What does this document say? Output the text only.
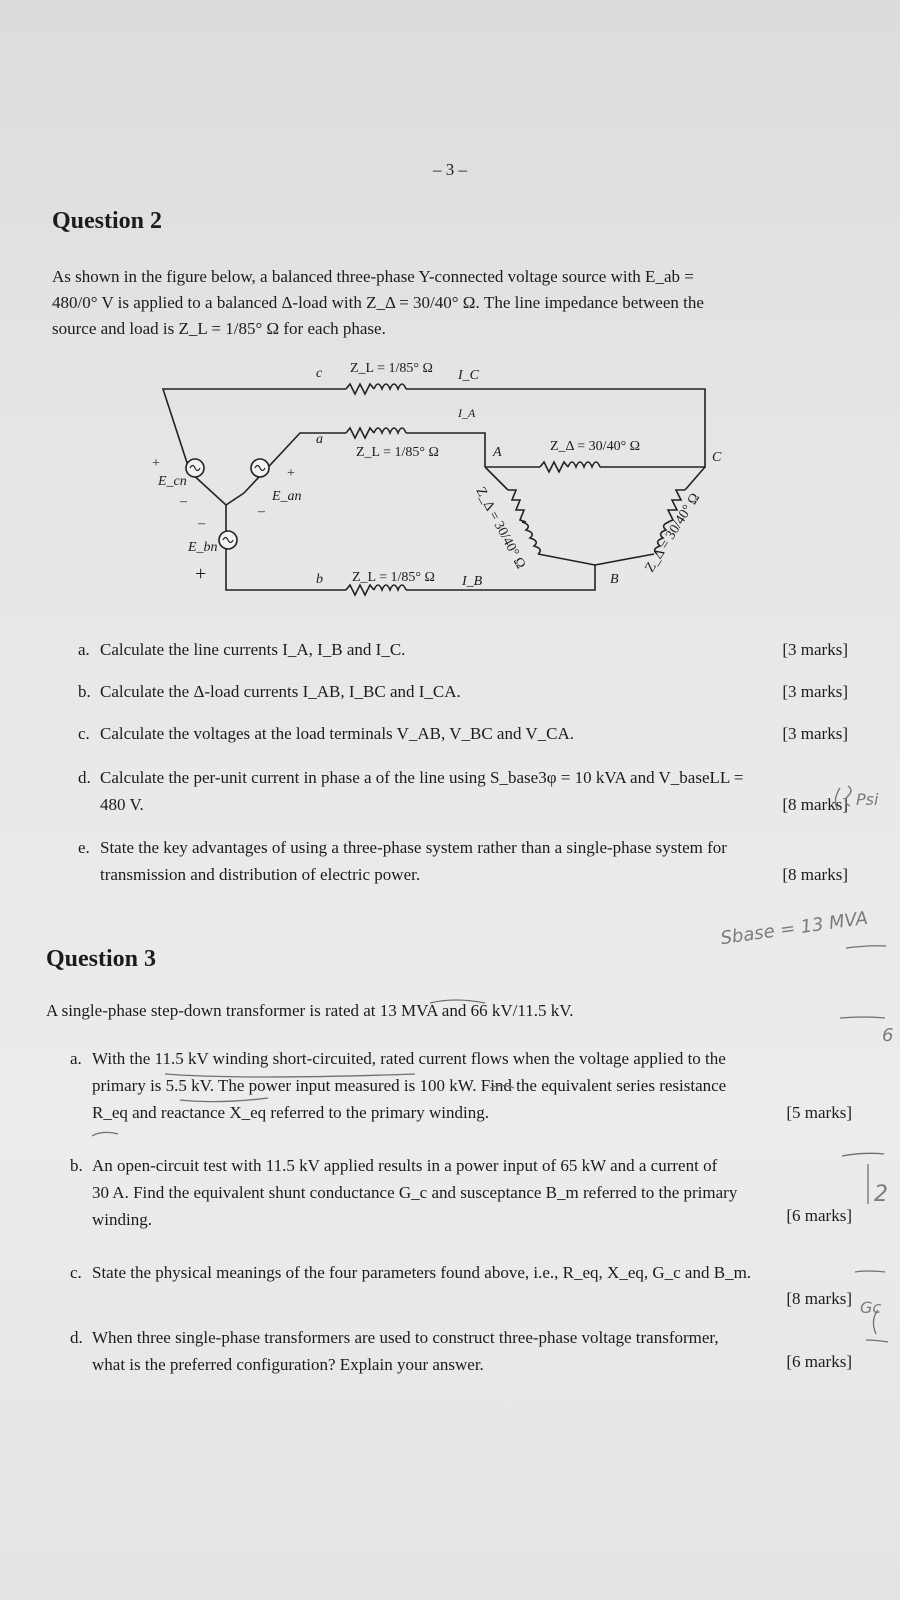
– 3 –
Question 2
As shown in the figure below, a balanced three-phase Y-connected voltage source with E_ab =
480/0° V is applied to a balanced Δ-load with Z_Δ = 30/40° Ω. The line impedance between the
source and load is Z_L = 1/85° Ω for each phase.
c Z_L = 1/85° Ω I_C
I_A
a
Z_L = 1/85° Ω	A	Z_Δ = 30/40° Ω
C
+
E_cn
–
+
E_an
–
–
E_bn
+	b Z_L = 1/85° Ω I_B	B
Z_Δ = 30/40° Ω	Z_Δ = 30/40° Ω
a. Calculate the line currents I_A, I_B and I_C.	[3 marks]
b. Calculate the Δ-load currents I_AB, I_BC and I_CA.	[3 marks]
c. Calculate the voltages at the load terminals V_AB, V_BC and V_CA.	[3 marks]
d. Calculate the per-unit current in phase a of the line using S_base3φ = 10 kVA and V_baseLL =
480 V.	[8 marks]
e. State the key advantages of using a three-phase system rather than a single-phase system for
transmission and distribution of electric power.	[8 marks]
Question 3
A single-phase step-down transformer is rated at 13 MVA and 66 kV/11.5 kV.
a. With the 11.5 kV winding short-circuited, rated current flows when the voltage applied to the
primary is 5.5 kV. The power input measured is 100 kW. Find the equivalent series resistance
R_eq and reactance X_eq referred to the primary winding.	[5 marks]
b. An open-circuit test with 11.5 kV applied results in a power input of 65 kW and a current of
30 A. Find the equivalent shunt conductance G_c and susceptance B_m referred to the primary
winding.	[6 marks]
c. State the physical meanings of the four parameters found above, i.e., R_eq, X_eq, G_c and B_m.
[8 marks]
d. When three single-phase transformers are used to construct three-phase voltage transformer,
what is the preferred configuration? Explain your answer.	[6 marks]
Sbase = 13 MVA
Psi
6
2
Gc
